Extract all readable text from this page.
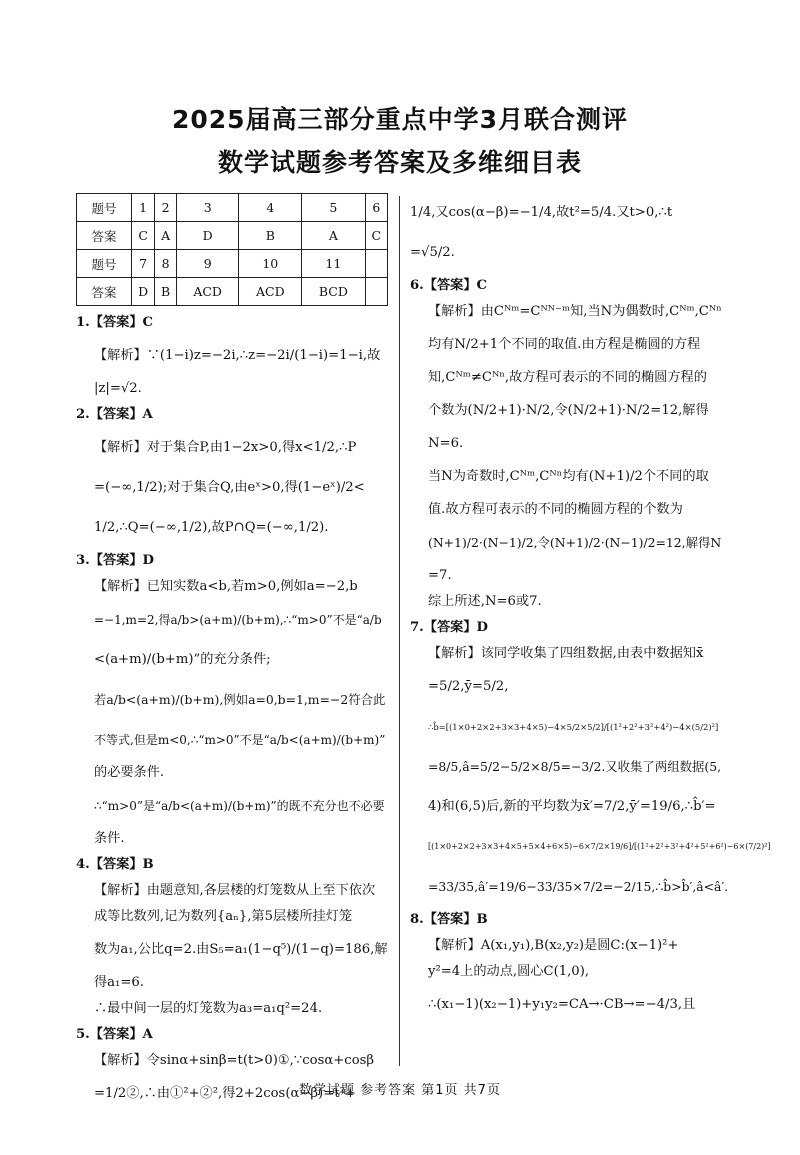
2025届高三部分重点中学3月联合测评
数学试题参考答案及多维细目表
题号	1	2	3	4	5	6
答案	C	A	D	B	A	C
题号	7	8	9	10	11	
答案	D	B	ACD	ACD	BCD	
1.【答案】C
【解析】∵(1−i)z=−2i,∴z=−2i/(1−i)=1−i,故
|z|=√2.
2.【答案】A
【解析】对于集合P,由1−2x>0,得x<1/2,∴P
=(−∞,1/2);对于集合Q,由eˣ>0,得(1−eˣ)/2<
1/2,∴Q=(−∞,1/2),故P∩Q=(−∞,1/2).
3.【答案】D
【解析】已知实数a<b,若m>0,例如a=−2,b
=−1,m=2,得a/b>(a+m)/(b+m),∴“m>0”不是“a/b
<(a+m)/(b+m)”的充分条件;
若a/b<(a+m)/(b+m),例如a=0,b=1,m=−2符合此
不等式,但是m<0,∴“m>0”不是“a/b<(a+m)/(b+m)”
的必要条件.
∴“m>0”是“a/b<(a+m)/(b+m)”的既不充分也不必要
条件.
4.【答案】B
【解析】由题意知,各层楼的灯笼数从上至下依次
成等比数列,记为数列{aₙ},第5层楼所挂灯笼
数为a₁,公比q=2.由S₅=a₁(1−q⁵)/(1−q)=186,解
得a₁=6.
∴最中间一层的灯笼数为a₃=a₁q²=24.
5.【答案】A
【解析】令sinα+sinβ=t(t>0)①,∵cosα+cosβ
=1/2②,∴由①²+②²,得2+2cos(α−β)=t²+
1/4,又cos(α−β)=−1/4,故t²=5/4.又t>0,∴t
=√5/2.
6.【答案】C
【解析】由Cᴺᵐ=Cᴺᴺ⁻ᵐ知,当N为偶数时,Cᴺᵐ,Cᴺⁿ
均有N/2+1个不同的取值.由方程是椭圆的方程
知,Cᴺᵐ≠Cᴺⁿ,故方程可表示的不同的椭圆方程的
个数为(N/2+1)·N/2,令(N/2+1)·N/2=12,解得
N=6.
当N为奇数时,Cᴺᵐ,Cᴺⁿ均有(N+1)/2个不同的取
值.故方程可表示的不同的椭圆方程的个数为
(N+1)/2·(N−1)/2,令(N+1)/2·(N−1)/2=12,解得N
=7.
综上所述,N=6或7.
7.【答案】D
【解析】该同学收集了四组数据,由表中数据知x̄
=5/2,ȳ=5/2,
∴b̂=[(1×0+2×2+3×3+4×5)−4×5/2×5/2]/[(1²+2²+3²+4²)−4×(5/2)²]
=8/5,â=5/2−5/2×8/5=−3/2.又收集了两组数据(5,
4)和(6,5)后,新的平均数为x̄′=7/2,ȳ′=19/6,∴b̂′=
[(1×0+2×2+3×3+4×5+5×4+6×5)−6×7/2×19/6]/[(1²+2²+3²+4²+5²+6²)−6×(7/2)²]
=33/35,â′=19/6−33/35×7/2=−2/15,∴b̂>b̂′,â<â′.
8.【答案】B
【解析】A(x₁,y₁),B(x₂,y₂)是圆C:(x−1)²+
y²=4上的动点,圆心C(1,0),
∴(x₁−1)(x₂−1)+y₁y₂=CA→·CB→=−4/3,且
数学试题 参考答案 第1页 共7页
